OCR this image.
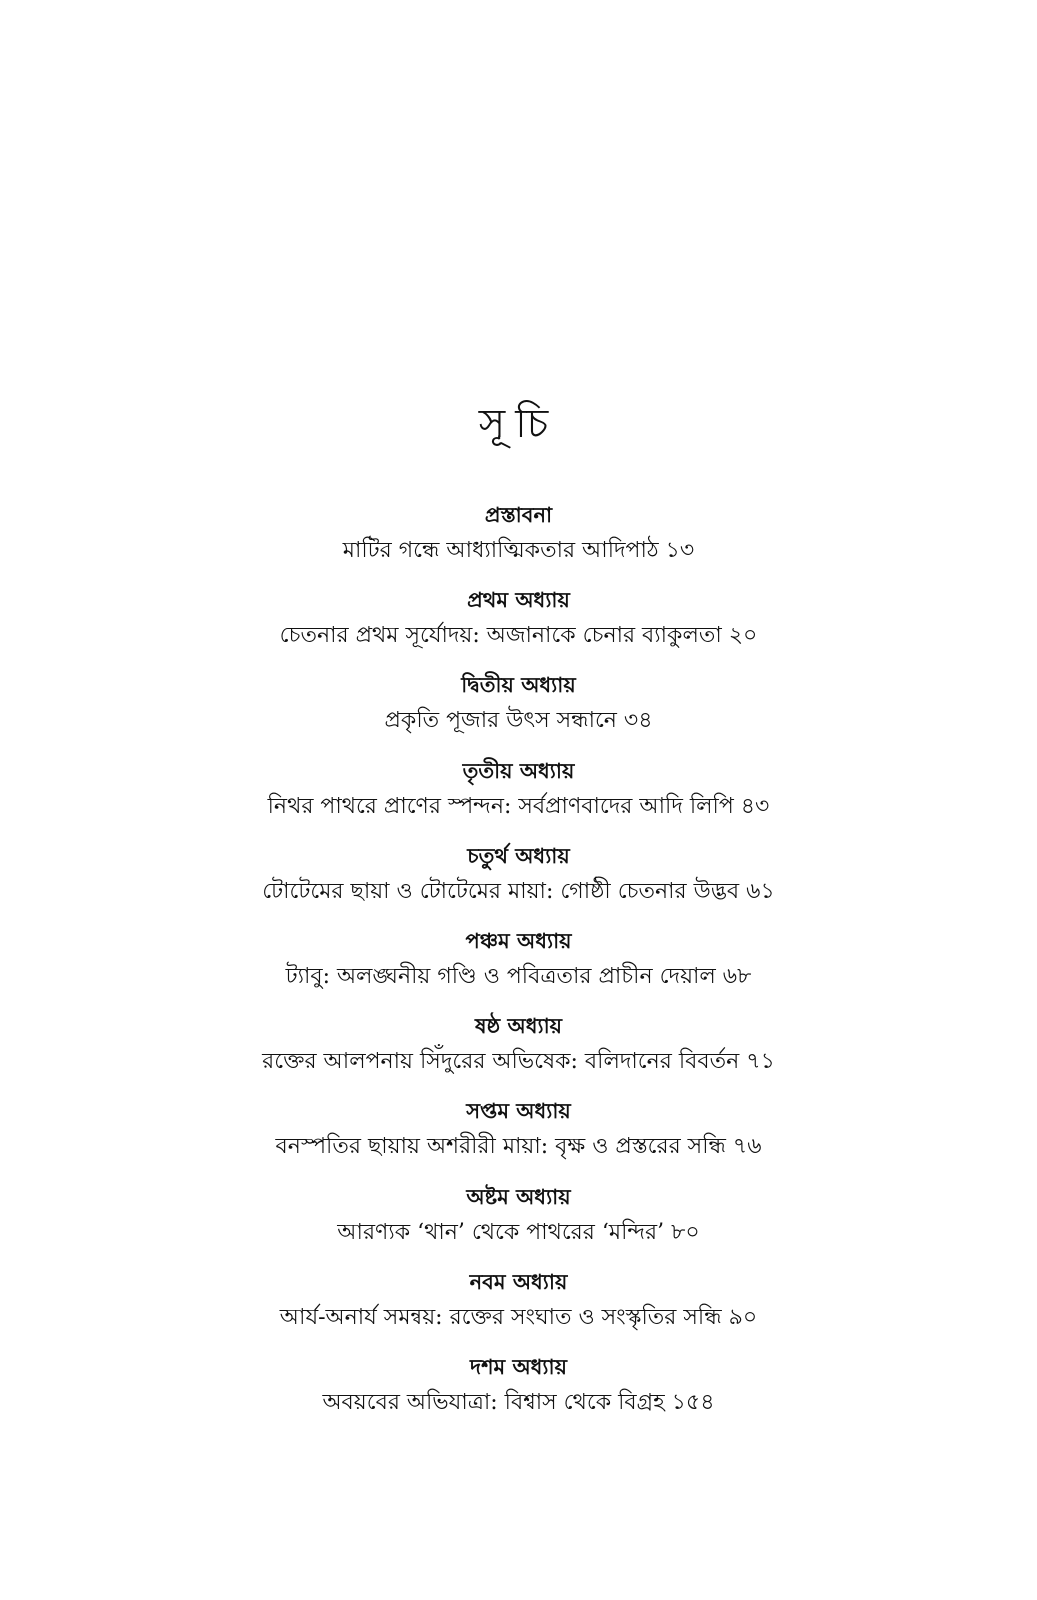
সূচি
প্রস্তাবনা
মাটির গন্ধে আধ্যাত্মিকতার আদিপাঠ ১৩
প্রথম অধ্যায়
চেতনার প্রথম সূর্যোদয়: অজানাকে চেনার ব্যাকুলতা ২০
দ্বিতীয় অধ্যায়
প্রকৃতি পূজার উৎস সন্ধানে ৩৪
তৃতীয় অধ্যায়
নিথর পাথরে প্রাণের স্পন্দন: সর্বপ্রাণবাদের আদি লিপি ৪৩
চতুর্থ অধ্যায়
টোটেমের ছায়া ও টোটেমের মায়া: গোষ্ঠী চেতনার উদ্ভব ৬১
পঞ্চম অধ্যায়
ট্যাবু: অলঙ্ঘনীয় গণ্ডি ও পবিত্রতার প্রাচীন দেয়াল ৬৮
ষষ্ঠ অধ্যায়
রক্তের আলপনায় সিঁদুরের অভিষেক: বলিদানের বিবর্তন ৭১
সপ্তম অধ্যায়
বনস্পতির ছায়ায় অশরীরী মায়া: বৃক্ষ ও প্রস্তরের সন্ধি ৭৬
অষ্টম অধ্যায়
আরণ্যক ‘থান’ থেকে পাথরের ‘মন্দির’ ৮০
নবম অধ্যায়
আর্য-অনার্য সমন্বয়: রক্তের সংঘাত ও সংস্কৃতির সন্ধি ৯০
দশম অধ্যায়
অবয়বের অভিযাত্রা: বিশ্বাস থেকে বিগ্রহ ১৫৪
